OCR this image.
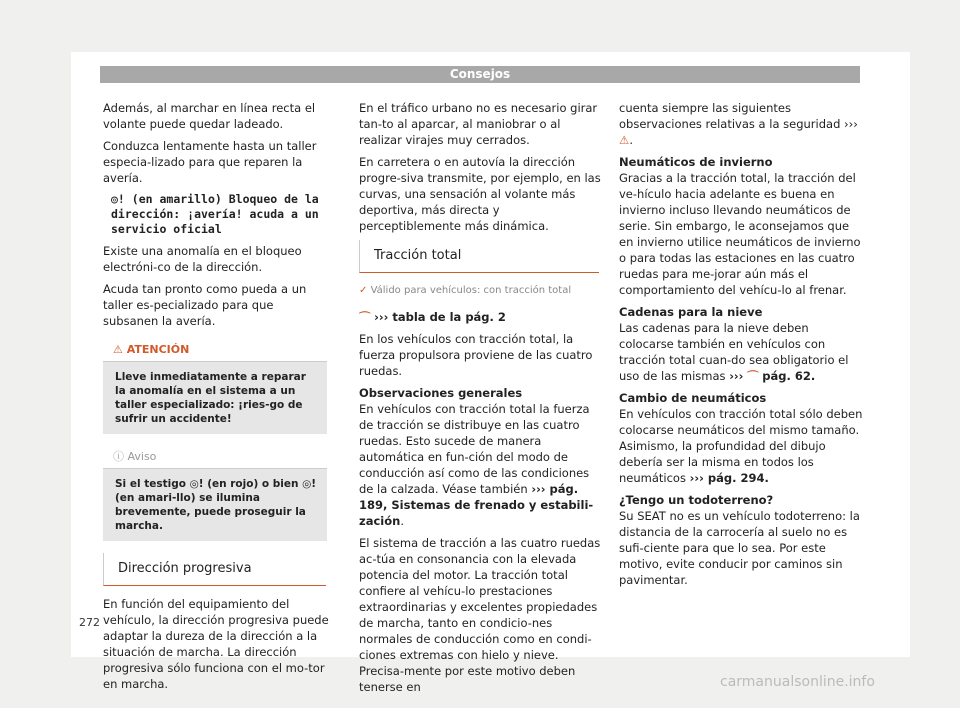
Consejos

Además, al marchar en línea recta el volante puede quedar ladeado.

Conduzca lentamente hasta un taller especia-lizado para que reparen la avería.

◎! (en amarillo) Bloqueo de la dirección: ¡avería! acuda a un servicio oficial

Existe una anomalía en el bloqueo electróni-co de la dirección.

Acuda tan pronto como pueda a un taller es-pecializado para que subsanen la avería.

⚠ ATENCIÓN
Lleve inmediatamente a reparar la anomalía en el sistema a un taller especializado: ¡ries-go de sufrir un accidente!
ⓘ Aviso
Si el testigo ◎! (en rojo) o bien ◎! (en amari-llo) se ilumina brevemente, puede proseguir la marcha.
Dirección progresiva

En función del equipamiento del vehículo, la dirección progresiva puede adaptar la dureza de la dirección a la situación de marcha. La dirección progresiva sólo funciona con el mo-tor en marcha.

En el tráfico urbano no es necesario girar tan-to al aparcar, al maniobrar o al realizar virajes muy cerrados.

En carretera o en autovía la dirección progre-siva transmite, por ejemplo, en las curvas, una sensación al volante más deportiva, más directa y perceptiblemente más dinámica.

Tracción total
✓ Válido para vehículos: con tracción total

⌒ ››› tabla de la pág. 2

En los vehículos con tracción total, la fuerza propulsora proviene de las cuatro ruedas.

Observaciones generales

En vehículos con tracción total la fuerza de tracción se distribuye en las cuatro ruedas. Esto sucede de manera automática en fun-ción del modo de conducción así como de las condiciones de la calzada. Véase también ››› pág. 189, Sistemas de frenado y estabili-zación.

El sistema de tracción a las cuatro ruedas ac-túa en consonancia con la elevada potencia del motor. La tracción total confiere al vehícu-lo prestaciones extraordinarias y excelentes propiedades de marcha, tanto en condicio-nes normales de conducción como en condi-ciones extremas con hielo y nieve. Precisa-mente por este motivo deben tenerse en

cuenta siempre las siguientes observaciones relativas a la seguridad ››› ⚠.

Neumáticos de invierno

Gracias a la tracción total, la tracción del ve-hículo hacia adelante es buena en invierno incluso llevando neumáticos de serie. Sin embargo, le aconsejamos que en invierno utilice neumáticos de invierno o para todas las estaciones en las cuatro ruedas para me-jorar aún más el comportamiento del vehícu-lo al frenar.

Cadenas para la nieve

Las cadenas para la nieve deben colocarse también en vehículos con tracción total cuan-do sea obligatorio el uso de las mismas ››› ⌒ pág. 62.

Cambio de neumáticos

En vehículos con tracción total sólo deben colocarse neumáticos del mismo tamaño. Asimismo, la profundidad del dibujo debería ser la misma en todos los neumáticos ››› pág. 294.

¿Tengo un todoterreno?

Su SEAT no es un vehículo todoterreno: la distancia de la carrocería al suelo no es sufi-ciente para que lo sea. Por este motivo, evite conducir por caminos sin pavimentar.

272
carmanualsonline.info
